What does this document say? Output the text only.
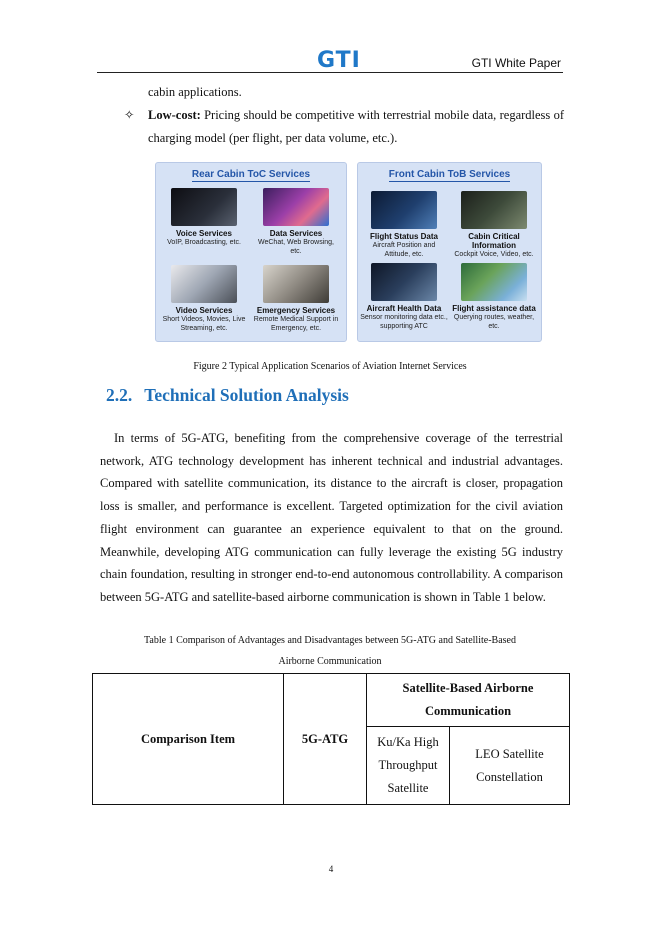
GTI	GTI White Paper
cabin applications.
✧ Low-cost: Pricing should be competitive with terrestrial mobile data, regardless of charging model (per flight, per data volume, etc.).
Rear Cabin ToC Services
Voice Services
VoIP, Broadcasting, etc.
Data Services
WeChat, Web Browsing, etc.
Video Services
Short Videos, Movies, Live Streaming, etc.
Emergency Services
Remote Medical Support in Emergency, etc.
Front Cabin ToB Services
Flight Status Data
Aircraft Position and Attitude, etc.
Cabin Critical Information
Cockpit Voice, Video, etc.
Aircraft Health Data
Sensor monitoring data etc., supporting ATC
Flight assistance data
Querying routes, weather, etc.
Figure 2 Typical Application Scenarios of Aviation Internet Services
2.2. Technical Solution Analysis
In terms of 5G-ATG, benefiting from the comprehensive coverage of the terrestrial network, ATG technology development has inherent technical and industrial advantages. Compared with satellite communication, its distance to the aircraft is closer, propagation loss is smaller, and performance is excellent. Targeted optimization for the civil aviation flight environment can guarantee an experience equivalent to that on the ground. Meanwhile, developing ATG communication can fully leverage the existing 5G industry chain foundation, resulting in stronger end-to-end autonomous controllability. A comparison between 5G-ATG and satellite-based airborne communication is shown in Table 1 below.
Table 1 Comparison of Advantages and Disadvantages between 5G-ATG and Satellite-Based
Airborne Communication
Comparison Item	5G-ATG	Satellite-Based Airborne Communication	
		Ku/Ka High Throughput Satellite	LEO Satellite Constellation
4
